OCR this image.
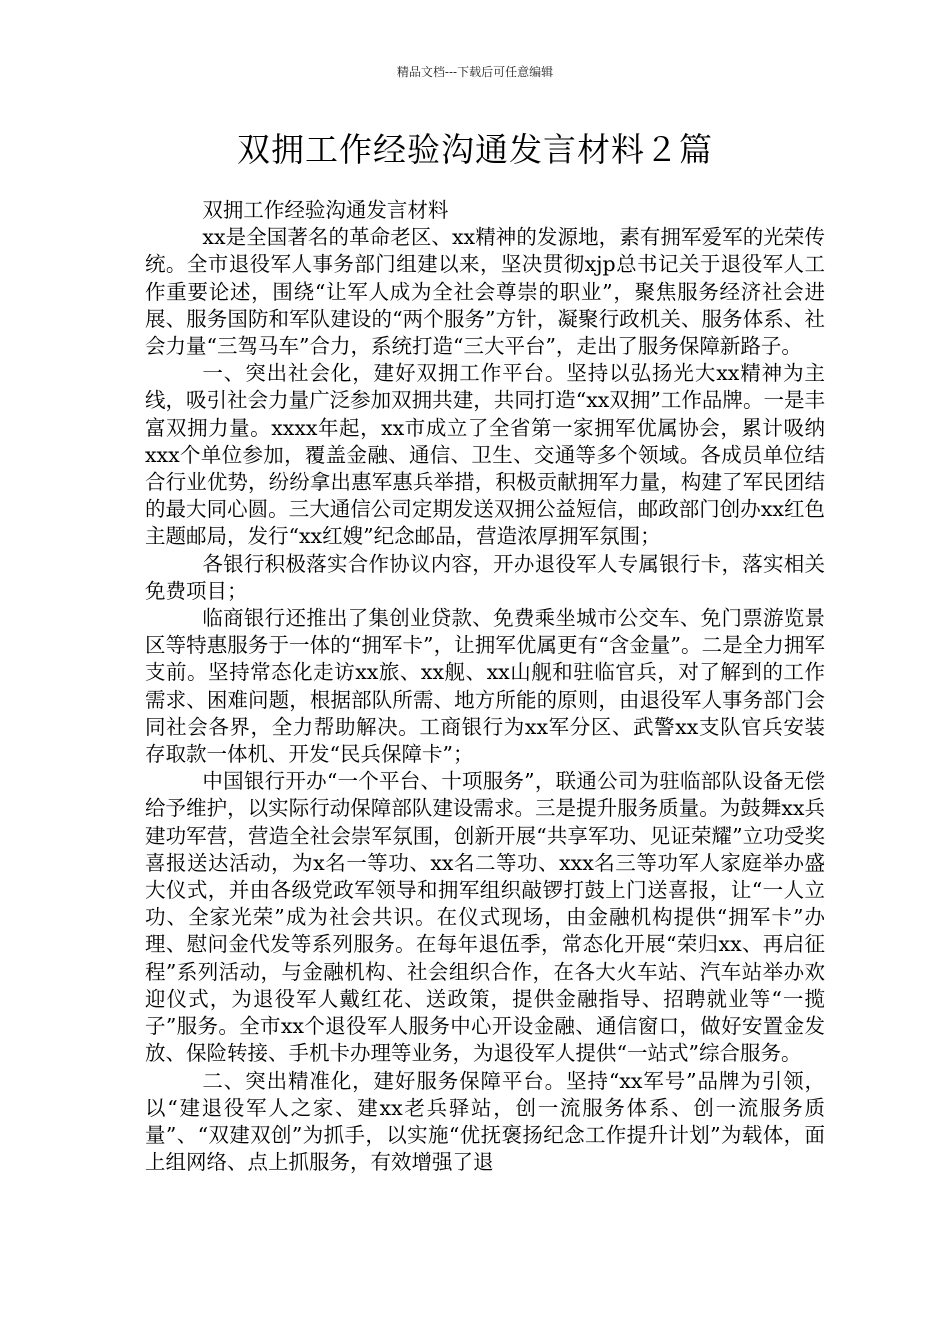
精品文档---下载后可任意编辑
双拥工作经验沟通发言材料２篇

双拥工作经验沟通发言材料

xx是全国著名的革命老区、xx精神的发源地，素有拥军爱军的光荣传统。全市退役军人事务部门组建以来，坚决贯彻xjp总书记关于退役军人工作重要论述，围绕“让军人成为全社会尊崇的职业”，聚焦服务经济社会进展、服务国防和军队建设的“两个服务”方针，凝聚行政机关、服务体系、社会力量“三驾马车”合力，系统打造“三大平台”，走出了服务保障新路子。

一、突出社会化，建好双拥工作平台。坚持以弘扬光大xx精神为主线，吸引社会力量广泛参加双拥共建，共同打造“xx双拥”工作品牌。一是丰富双拥力量。xxxx年起，xx市成立了全省第一家拥军优属协会，累计吸纳xxx个单位参加，覆盖金融、通信、卫生、交通等多个领域。各成员单位结合行业优势，纷纷拿出惠军惠兵举措，积极贡献拥军力量，构建了军民团结的最大同心圆。三大通信公司定期发送双拥公益短信，邮政部门创办xx红色主题邮局，发行“xx红嫂”纪念邮品，营造浓厚拥军氛围；

各银行积极落实合作协议内容，开办退役军人专属银行卡，落实相关免费项目；

临商银行还推出了集创业贷款、免费乘坐城市公交车、免门票游览景区等特惠服务于一体的“拥军卡”，让拥军优属更有“含金量”。二是全力拥军支前。坚持常态化走访xx旅、xx舰、xx山舰和驻临官兵，对了解到的工作需求、困难问题，根据部队所需、地方所能的原则，由退役军人事务部门会同社会各界，全力帮助解决。工商银行为xx军分区、武警xx支队官兵安装存取款一体机、开发“民兵保障卡”；

中国银行开办“一个平台、十项服务”，联通公司为驻临部队设备无偿给予维护，以实际行动保障部队建设需求。三是提升服务质量。为鼓舞xx兵建功军营，营造全社会崇军氛围，创新开展“共享军功、见证荣耀”立功受奖喜报送达活动，为x名一等功、xx名二等功、xxx名三等功军人家庭举办盛大仪式，并由各级党政军领导和拥军组织敲锣打鼓上门送喜报，让“一人立功、全家光荣”成为社会共识。在仪式现场，由金融机构提供“拥军卡”办理、慰问金代发等系列服务。在每年退伍季，常态化开展“荣归xx、再启征程”系列活动，与金融机构、社会组织合作，在各大火车站、汽车站举办欢迎仪式，为退役军人戴红花、送政策，提供金融指导、招聘就业等“一揽子”服务。全市xx个退役军人服务中心开设金融、通信窗口，做好安置金发放、保险转接、手机卡办理等业务，为退役军人提供“一站式”综合服务。

二、突出精准化，建好服务保障平台。坚持“xx军号”品牌为引领，以“建退役军人之家、建xx老兵驿站，创一流服务体系、创一流服务质量”、“双建双创”为抓手，以实施“优抚褒扬纪念工作提升计划”为载体，面上组网络、点上抓服务，有效增强了退
